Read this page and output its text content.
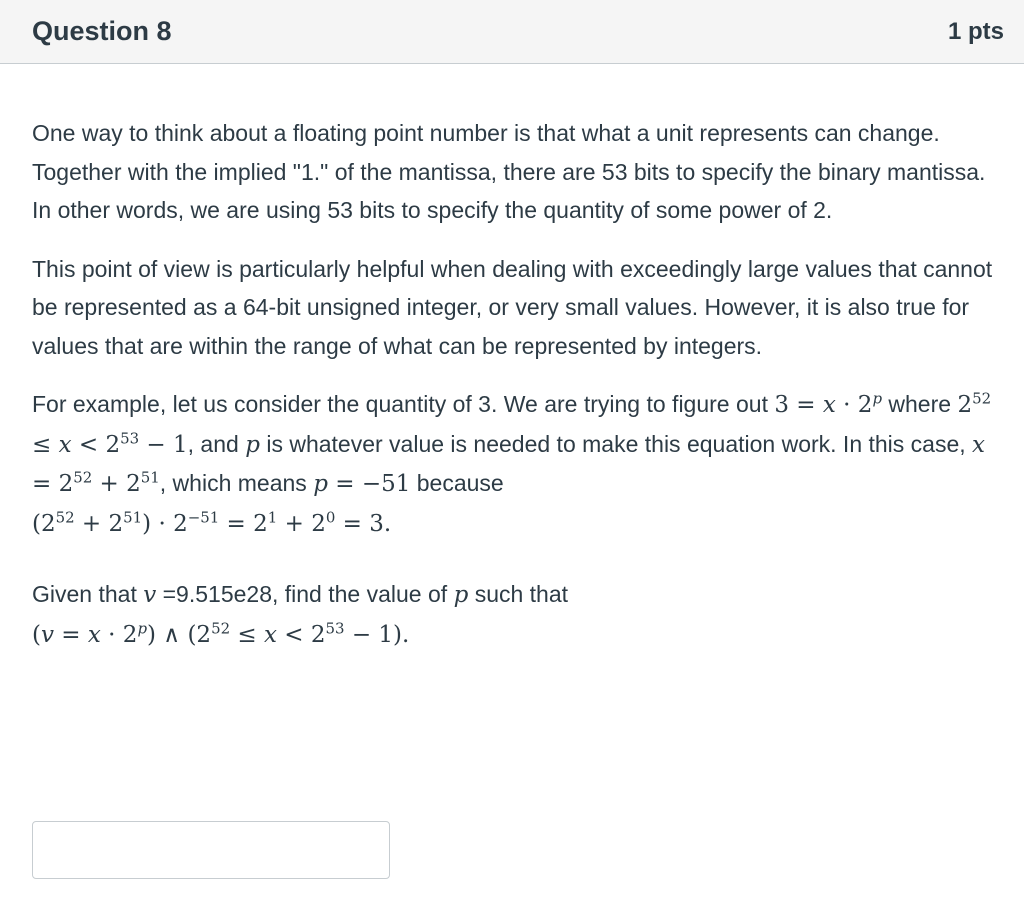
Question 8	1 pts

One way to think about a floating point number is that what a unit represents can change. Together with the implied "1." of the mantissa, there are 53 bits to specify the binary mantissa. In other words, we are using 53 bits to specify the quantity of some power of 2.

This point of view is particularly helpful when dealing with exceedingly large values that cannot be represented as a 64-bit unsigned integer, or very small values. However, it is also true for values that are within the range of what can be represented by integers.

For example, let us consider the quantity of 3. We are trying to figure out $3 = x \cdot 2^p$ where $2^{52} \le x < 2^{53} - 1$, and p is whatever value is needed to make this equation work. In this case, $x = 2^{52} + 2^{51}$, which means p = −51 because
$(2^{52} + 2^{51}) \cdot 2^{-51} = 2^1 + 2^0 = 3$.

Given that v =9.515e28, find the value of p such that
$(v = x \cdot 2^p)$ ∧ $(2^{52} \le x < 2^{53} - 1)$.
